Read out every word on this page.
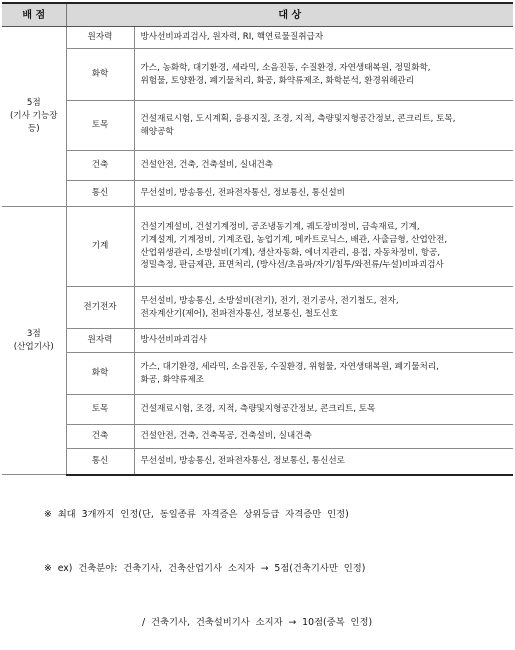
배 점	대 상	
5점
(기사 기능장
등)	원자력	방사선비파괴검사, 원자력, RI, 핵연료물질취급자
	화학	가스, 농화학, 대기환경, 세라믹, 소음진동, 수질환경, 자연생태복원, 정밀화학,
위험물, 토양환경, 폐기물처리, 화공, 화약류제조, 화학분석, 환경위해관리
	토목	건설재료시험, 도시계획, 응용지질, 조경, 지적, 측량및지형공간정보, 콘크리트, 토목,
해양공학
	건축	건설안전, 건축, 건축설비, 실내건축
	통신	무선설비, 방송통신, 전파전자통신, 정보통신, 통신설비
3점
(산업기사)	기계	건설기계설비, 건설기계정비, 공조냉동기계, 궤도장비정비, 금속재료, 기계,
기계설계, 기계정비, 기계조립, 농업기계, 메카트로닉스, 배관, 사출금형, 산업안전,
산업위생관리, 소방설비(기계), 생산자동화, 에너지관리, 용접, 자동차정비, 항공,
정밀측정, 판금제관, 표면처리, (방사선/초음파/자기/침투/와전류/누설)비파괴검사
	전기전자	무선설비, 방송통신, 소방설비(전기), 전기, 전기공사, 전기철도, 전자,
전자계산기(제어), 전파전자통신, 정보통신, 철도신호
	원자력	방사선비파괴검사
	화학	가스, 대기환경, 세라믹, 소음진동, 수질환경, 위험물, 자연생태복원, 폐기물처리,
화공, 화약류제조
	토목	건설재료시험, 조경, 지적, 측량및지형공간정보, 콘크리트, 토목
	건축	건설안전, 건축, 건축목공, 건축설비, 실내건축
	통신	무선설비, 방송통신, 전파전자통신, 정보통신, 통신선로

※  최대  3개까지  인정(단,  동일종류  자격증은  상위등급  자격증만  인정)

※  ex)  건축분야:  건축기사,  건축산업기사  소지자  →  5점(건축기사만  인정)

/  건축기사,  건축설비기사  소지자  →  10점(중복  인정)
